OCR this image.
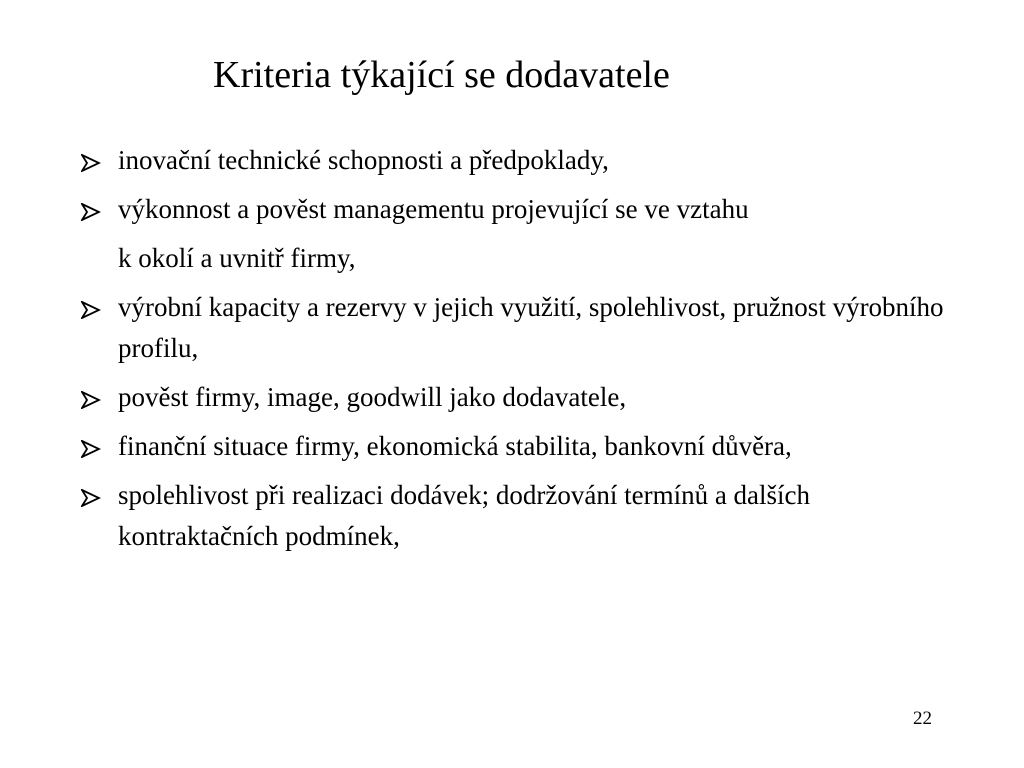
Kriteria týkající se dodavatele
inovační technické schopnosti a předpoklady,
výkonnost a pověst managementu projevující se ve vztahu
k okolí a uvnitř firmy,
výrobní kapacity a rezervy v jejich využití, spolehlivost, pružnost výrobního profilu,
pověst firmy, image, goodwill jako dodavatele,
finanční situace firmy, ekonomická stabilita, bankovní důvěra,
spolehlivost při realizaci dodávek; dodržování termínů a dalších kontraktačních podmínek,
22
